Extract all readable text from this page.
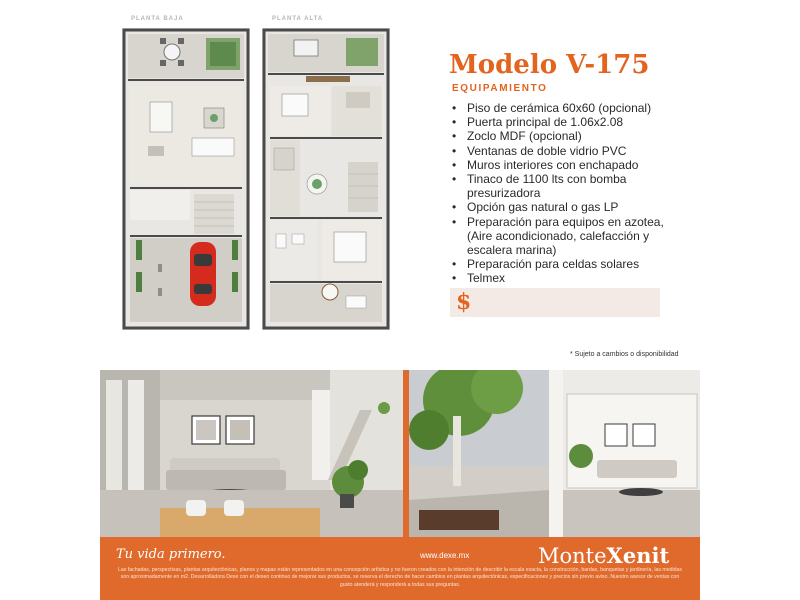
PLANTA BAJA	PLANTA ALTA
Modelo V-175
EQUIPAMIENTO
• Piso de cerámica 60x60 (opcional)
• Puerta principal de 1.06x2.08
• Zoclo MDF (opcional)
• Ventanas de doble vidrio PVC
• Muros interiores con enchapado
• Tinaco de 1100 lts con bomba presurizadora
• Opción gas natural o gas LP
• Preparación para equipos en azotea, (Aire acondicionado, calefacción y escalera marina)
• Preparación para celdas solares
• Telmex
$
* Sujeto a cambios o disponibilidad
Tu vida primero.	www.dexe.mx	MonteXenit
Las fachadas, perspectivas, plantas arquitectónicas, planos y mapas están representados en una concepción artística y no fueron creados con la intención de describir la escala exacta, la construcción, bardas, banquetas y jardinería, las medidas son aproximadamente en m2. Desarrolladora Dexe con el deseo continuo de mejorar sus productos, se reserva el derecho de hacer cambios en plantas arquitectónicas, especificaciones y precios sin previo aviso. Nuestro asesor de ventas con gusto atenderá y responderá a todas sus preguntas.
